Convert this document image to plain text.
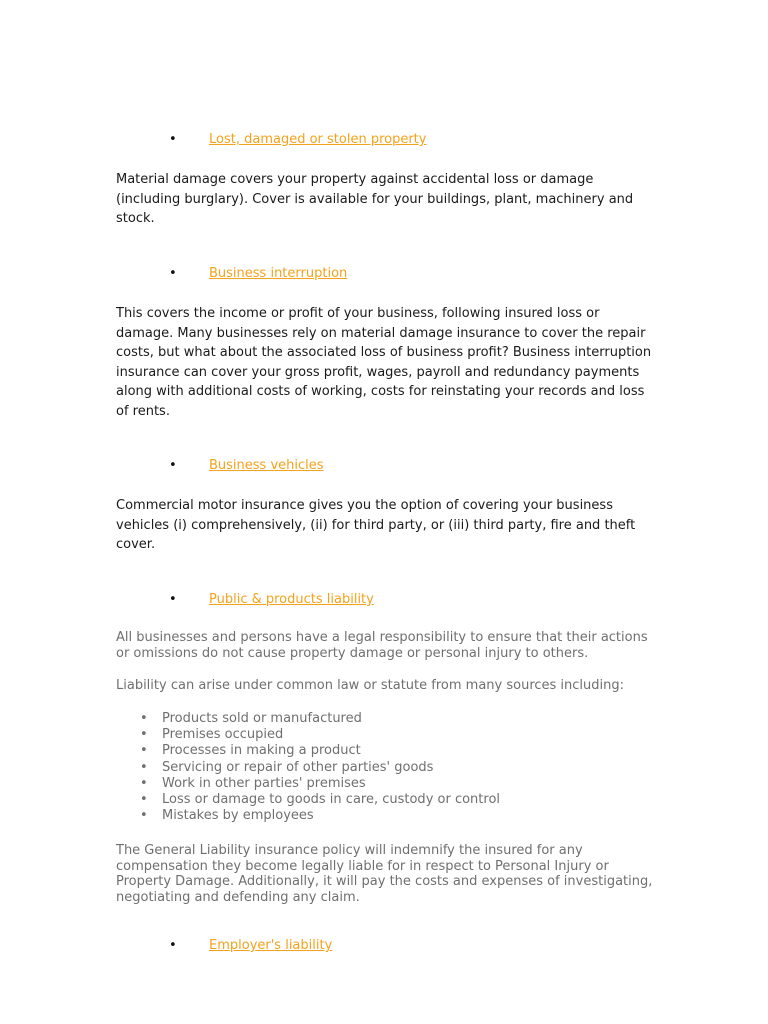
• Lost, damaged or stolen property

Material damage covers your property against accidental loss or damage (including burglary). Cover is available for your buildings, plant, machinery and stock.

• Business interruption

This covers the income or profit of your business, following insured loss or damage. Many businesses rely on material damage insurance to cover the repair costs, but what about the associated loss of business profit? Business interruption insurance can cover your gross profit, wages, payroll and redundancy payments along with additional costs of working, costs for reinstating your records and loss of rents.

• Business vehicles

Commercial motor insurance gives you the option of covering your business vehicles (i) comprehensively, (ii) for third party, or (iii) third party, fire and theft cover.

• Public & products liability

All businesses and persons have a legal responsibility to ensure that their actions or omissions do not cause property damage or personal injury to others.

Liability can arise under common law or statute from many sources including:

• Products sold or manufactured
• Premises occupied
• Processes in making a product
• Servicing or repair of other parties' goods
• Work in other parties' premises
• Loss or damage to goods in care, custody or control
• Mistakes by employees

The General Liability insurance policy will indemnify the insured for any compensation they become legally liable for in respect to Personal Injury or Property Damage. Additionally, it will pay the costs and expenses of investigating, negotiating and defending any claim.

• Employer's liability
